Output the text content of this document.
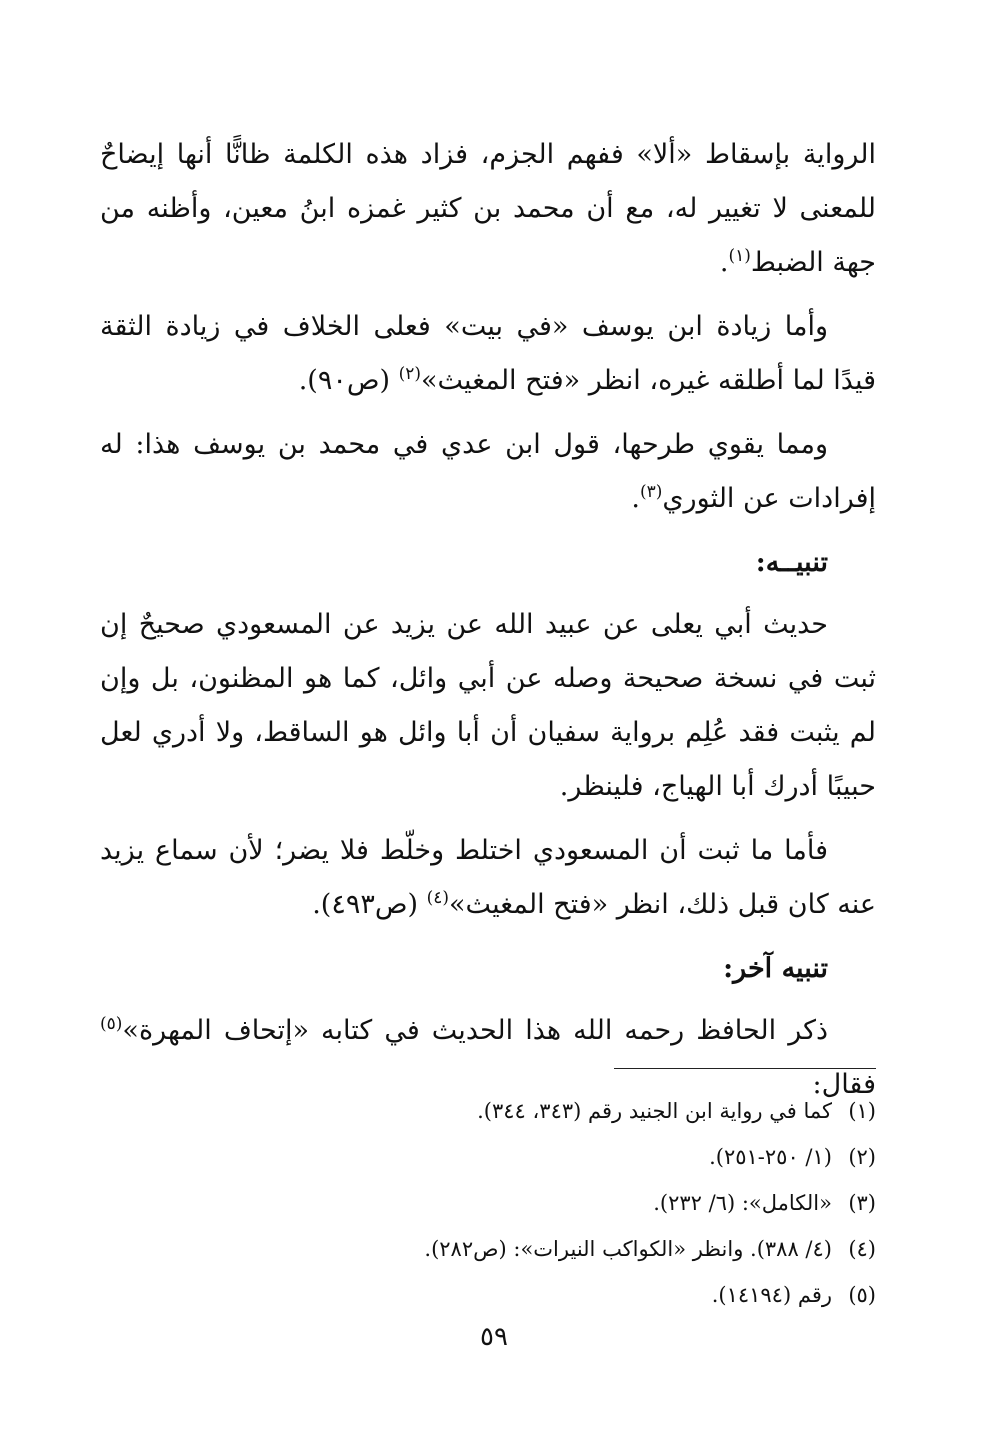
الرواية بإسقاط «ألا» ففهم الجزم، فزاد هذه الكلمة ظانًّا أنها إيضاحٌ للمعنى لا تغيير له، مع أن محمد بن كثير غمزه ابنُ معين، وأظنه من جهة الضبط$^{(١)}$.

وأما زيادة ابن يوسف «في بيت» فعلى الخلاف في زيادة الثقة قيدًا لما أطلقه غيره، انظر «فتح المغيث»$^{(٢)}$ (ص٩٠).

ومما يقوي طرحها، قول ابن عدي في محمد بن يوسف هذا: له إفرادات عن الثوري$^{(٣)}$.

تنبيــه:

حديث أبي يعلى عن عبيد الله عن يزيد عن المسعودي صحيحٌ إن ثبت في نسخة صحيحة وصله عن أبي وائل، كما هو المظنون، بل وإن لم يثبت فقد عُلِم برواية سفيان أن أبا وائل هو الساقط، ولا أدري لعل حبيبًا أدرك أبا الهياج، فلينظر.

فأما ما ثبت أن المسعودي اختلط وخلّط فلا يضر؛ لأن سماع يزيد عنه كان قبل ذلك، انظر «فتح المغيث»$^{(٤)}$ (ص٤٩٣).

تنبيه آخر:

ذكر الحافظ رحمه الله هذا الحديث في كتابه «إتحاف المهرة»$^{(٥)}$ فقال:

(١)كما في رواية ابن الجنيد رقم (٣٤٣، ٣٤٤).
(٢)(١/ ٢٥٠-٢٥١).
(٣)«الكامل»: (٦/ ٢٣٢).
(٤)(٤/ ٣٨٨). وانظر «الكواكب النيرات»: (ص٢٨٢).
(٥)رقم (١٤١٩٤).
٥٩
